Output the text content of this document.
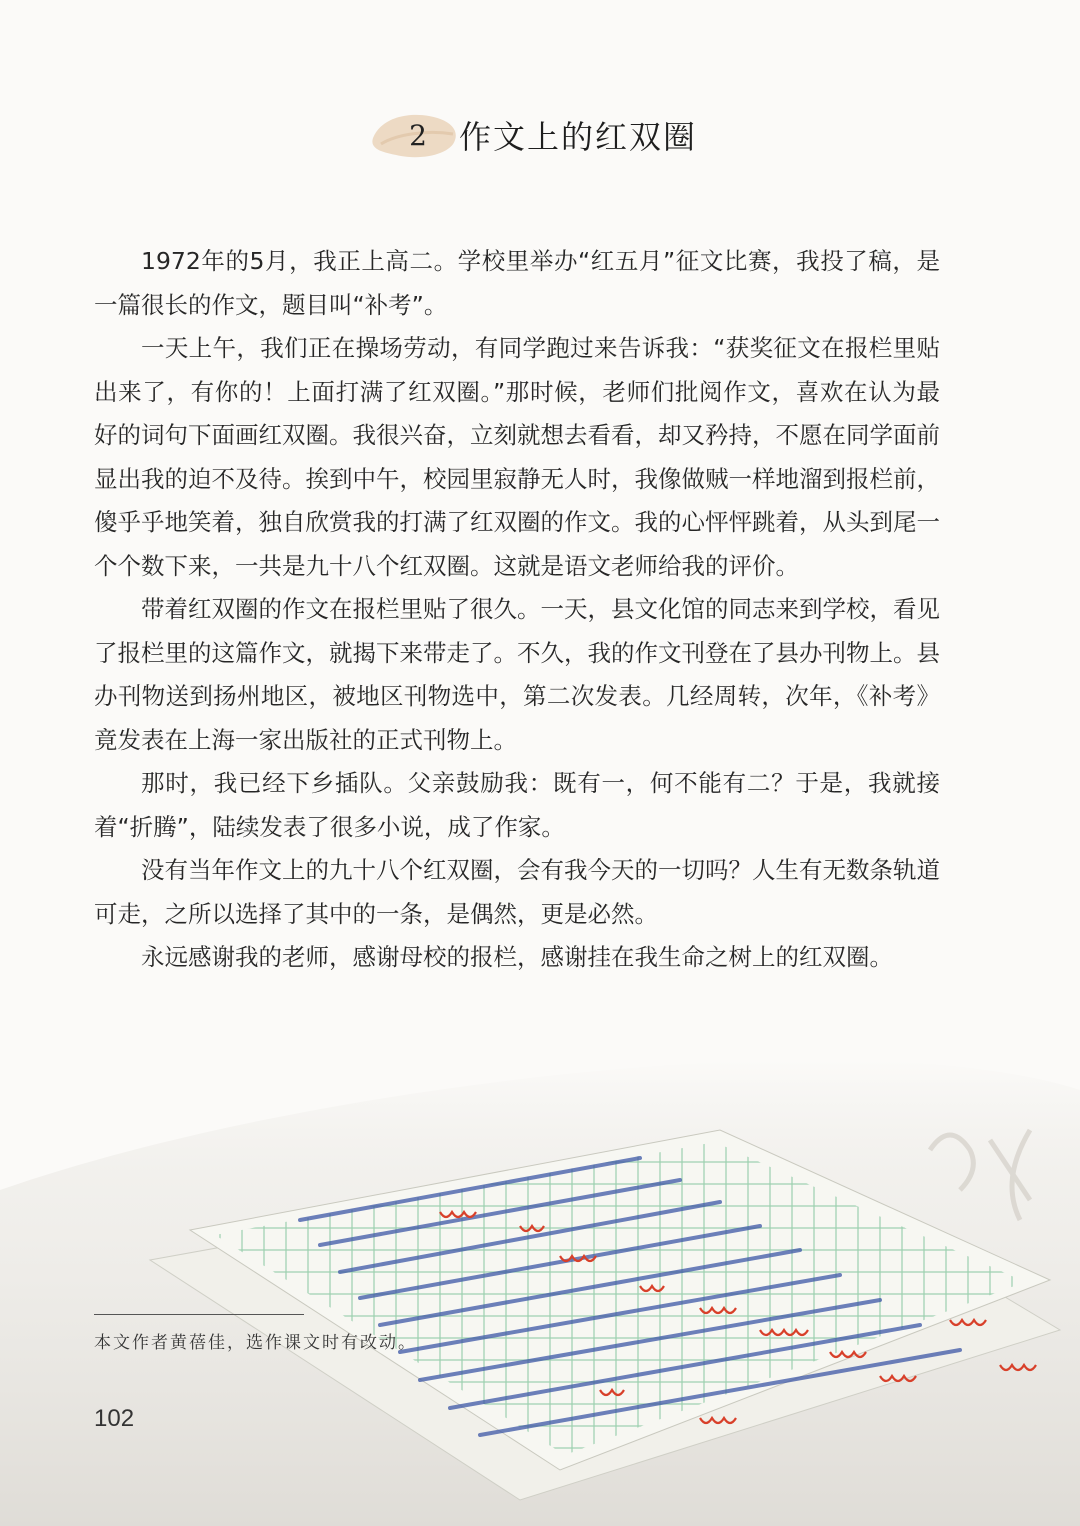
2 作文上的红双圈

1972年的5月，我正上高二。学校里举办“红五月”征文比赛，我投了稿，是一篇很长的作文，题目叫“补考”。

一天上午，我们正在操场劳动，有同学跑过来告诉我：“获奖征文在报栏里贴出来了，有你的！上面打满了红双圈。”那时候，老师们批阅作文，喜欢在认为最好的词句下面画红双圈。我很兴奋，立刻就想去看看，却又矜持，不愿在同学面前显出我的迫不及待。挨到中午，校园里寂静无人时，我像做贼一样地溜到报栏前，傻乎乎地笑着，独自欣赏我的打满了红双圈的作文。我的心怦怦跳着，从头到尾一个个数下来，一共是九十八个红双圈。这就是语文老师给我的评价。

带着红双圈的作文在报栏里贴了很久。一天，县文化馆的同志来到学校，看见了报栏里的这篇作文，就揭下来带走了。不久，我的作文刊登在了县办刊物上。县办刊物送到扬州地区，被地区刊物选中，第二次发表。几经周转，次年，《补考》竟发表在上海一家出版社的正式刊物上。

那时，我已经下乡插队。父亲鼓励我：既有一，何不能有二？于是，我就接着“折腾”，陆续发表了很多小说，成了作家。

没有当年作文上的九十八个红双圈，会有我今天的一切吗？人生有无数条轨道可走，之所以选择了其中的一条，是偶然，更是必然。

永远感谢我的老师，感谢母校的报栏，感谢挂在我生命之树上的红双圈。

本文作者黄蓓佳，选作课文时有改动。
102
